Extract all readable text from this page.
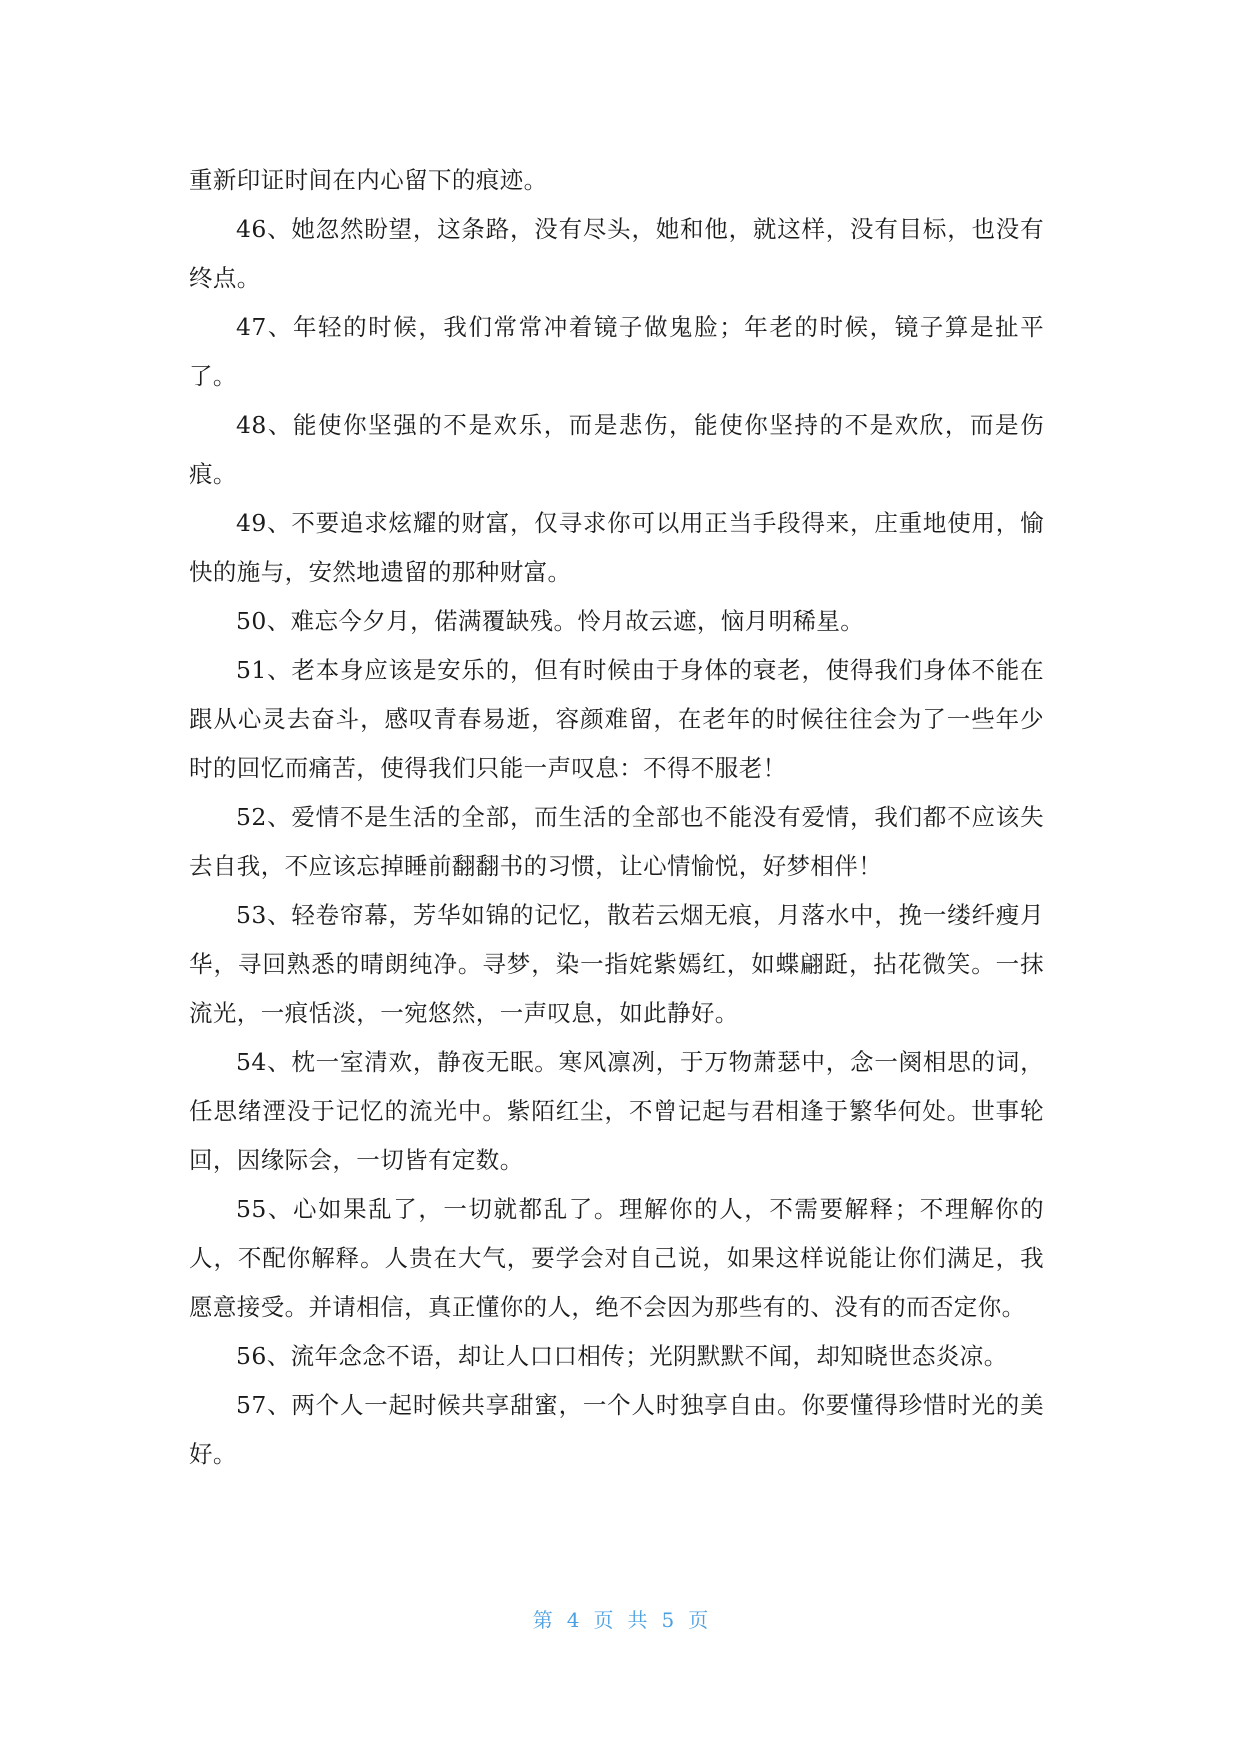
重新印证时间在内心留下的痕迹。

46、她忽然盼望，这条路，没有尽头，她和他，就这样，没有目标，也没有终点。

47、年轻的时候，我们常常冲着镜子做鬼脸；年老的时候，镜子算是扯平了。

48、能使你坚强的不是欢乐，而是悲伤，能使你坚持的不是欢欣，而是伤痕。

49、不要追求炫耀的财富，仅寻求你可以用正当手段得来，庄重地使用，愉快的施与，安然地遗留的那种财富。

50、难忘今夕月，偌满覆缺残。怜月故云遮，恼月明稀星。

51、老本身应该是安乐的，但有时候由于身体的衰老，使得我们身体不能在跟从心灵去奋斗，感叹青春易逝，容颜难留，在老年的时候往往会为了一些年少时的回忆而痛苦，使得我们只能一声叹息：不得不服老！

52、爱情不是生活的全部，而生活的全部也不能没有爱情，我们都不应该失去自我，不应该忘掉睡前翻翻书的习惯，让心情愉悦，好梦相伴！

53、轻卷帘幕，芳华如锦的记忆，散若云烟无痕，月落水中，挽一缕纤瘦月华，寻回熟悉的晴朗纯净。寻梦，染一指姹紫嫣红，如蝶翩跹，拈花微笑。一抹流光，一痕恬淡，一宛悠然，一声叹息，如此静好。

54、枕一室清欢，静夜无眠。寒风凛冽，于万物萧瑟中，念一阕相思的词，任思绪湮没于记忆的流光中。紫陌红尘，不曾记起与君相逢于繁华何处。世事轮回，因缘际会，一切皆有定数。

55、心如果乱了，一切就都乱了。理解你的人，不需要解释；不理解你的人，不配你解释。人贵在大气，要学会对自己说，如果这样说能让你们满足，我愿意接受。并请相信，真正懂你的人，绝不会因为那些有的、没有的而否定你。

56、流年念念不语，却让人口口相传；光阴默默不闻，却知晓世态炎凉。

57、两个人一起时候共享甜蜜，一个人时独享自由。你要懂得珍惜时光的美好。

第 4 页 共 5 页
